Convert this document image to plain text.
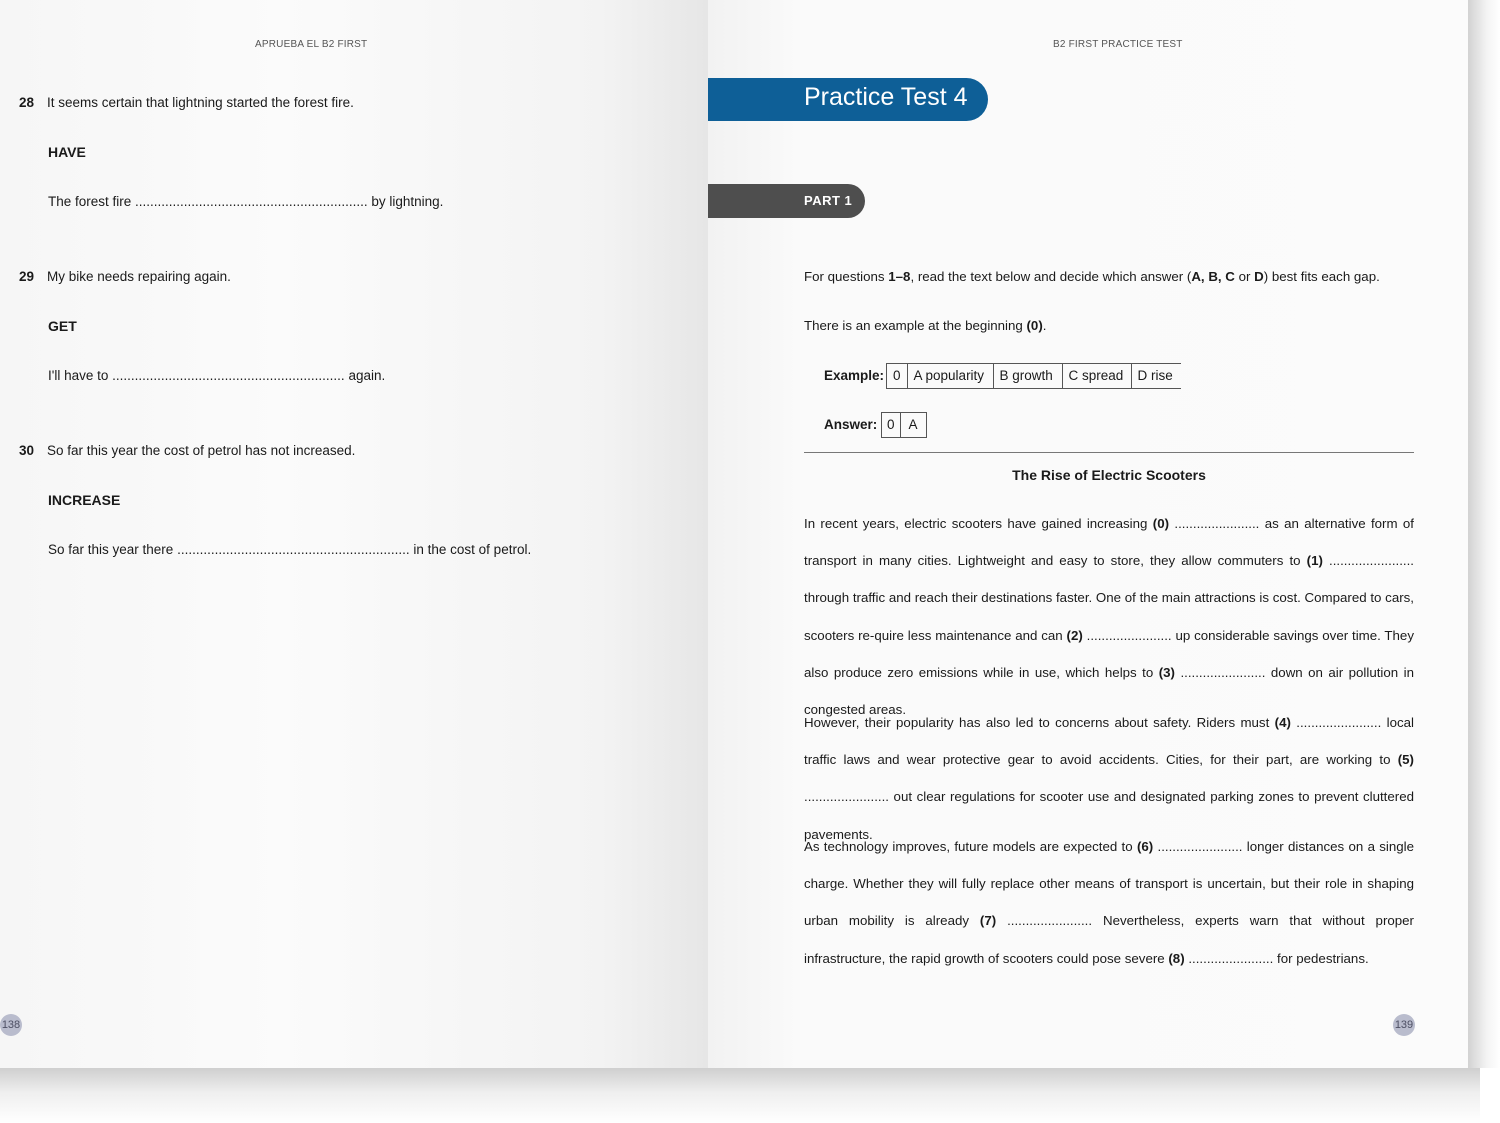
APRUEBA EL B2 FIRST
28 It seems certain that lightning started the forest fire.
HAVE
The forest fire .............................................................. by lightning.
29 My bike needs repairing again.
GET
I'll have to .............................................................. again.
30 So far this year the cost of petrol has not increased.
INCREASE
So far this year there .............................................................. in the cost of petrol.
138
B2 FIRST PRACTICE TEST
Practice Test 4
PART 1
For questions 1–8, read the text below and decide which answer (A, B, C or D) best fits each gap.
There is an example at the beginning (0).
Example: 0 A popularity	B growth	C spread	D rise
Answer: 0	A
The Rise of Electric Scooters
In recent years, electric scooters have gained increasing (0) ....................... as an alternative form of transport in many cities. Lightweight and easy to store, they allow commuters to (1) ....................... through traffic and reach their destinations faster. One of the main attractions is cost. Compared to cars, scooters re-quire less maintenance and can (2) ....................... up considerable savings over time. They also produce zero emissions while in use, which helps to (3) ....................... down on air pollution in congested areas.
However, their popularity has also led to concerns about safety. Riders must (4) ....................... local traffic laws and wear protective gear to avoid accidents. Cities, for their part, are working to (5) ....................... out clear regulations for scooter use and designated parking zones to prevent cluttered pavements.
As technology improves, future models are expected to (6) ....................... longer distances on a single charge. Whether they will fully replace other means of transport is uncertain, but their role in shaping urban mobility is already (7) ....................... Nevertheless, experts warn that without proper infrastructure, the rapid growth of scooters could pose severe (8) ....................... for pedestrians.
139
